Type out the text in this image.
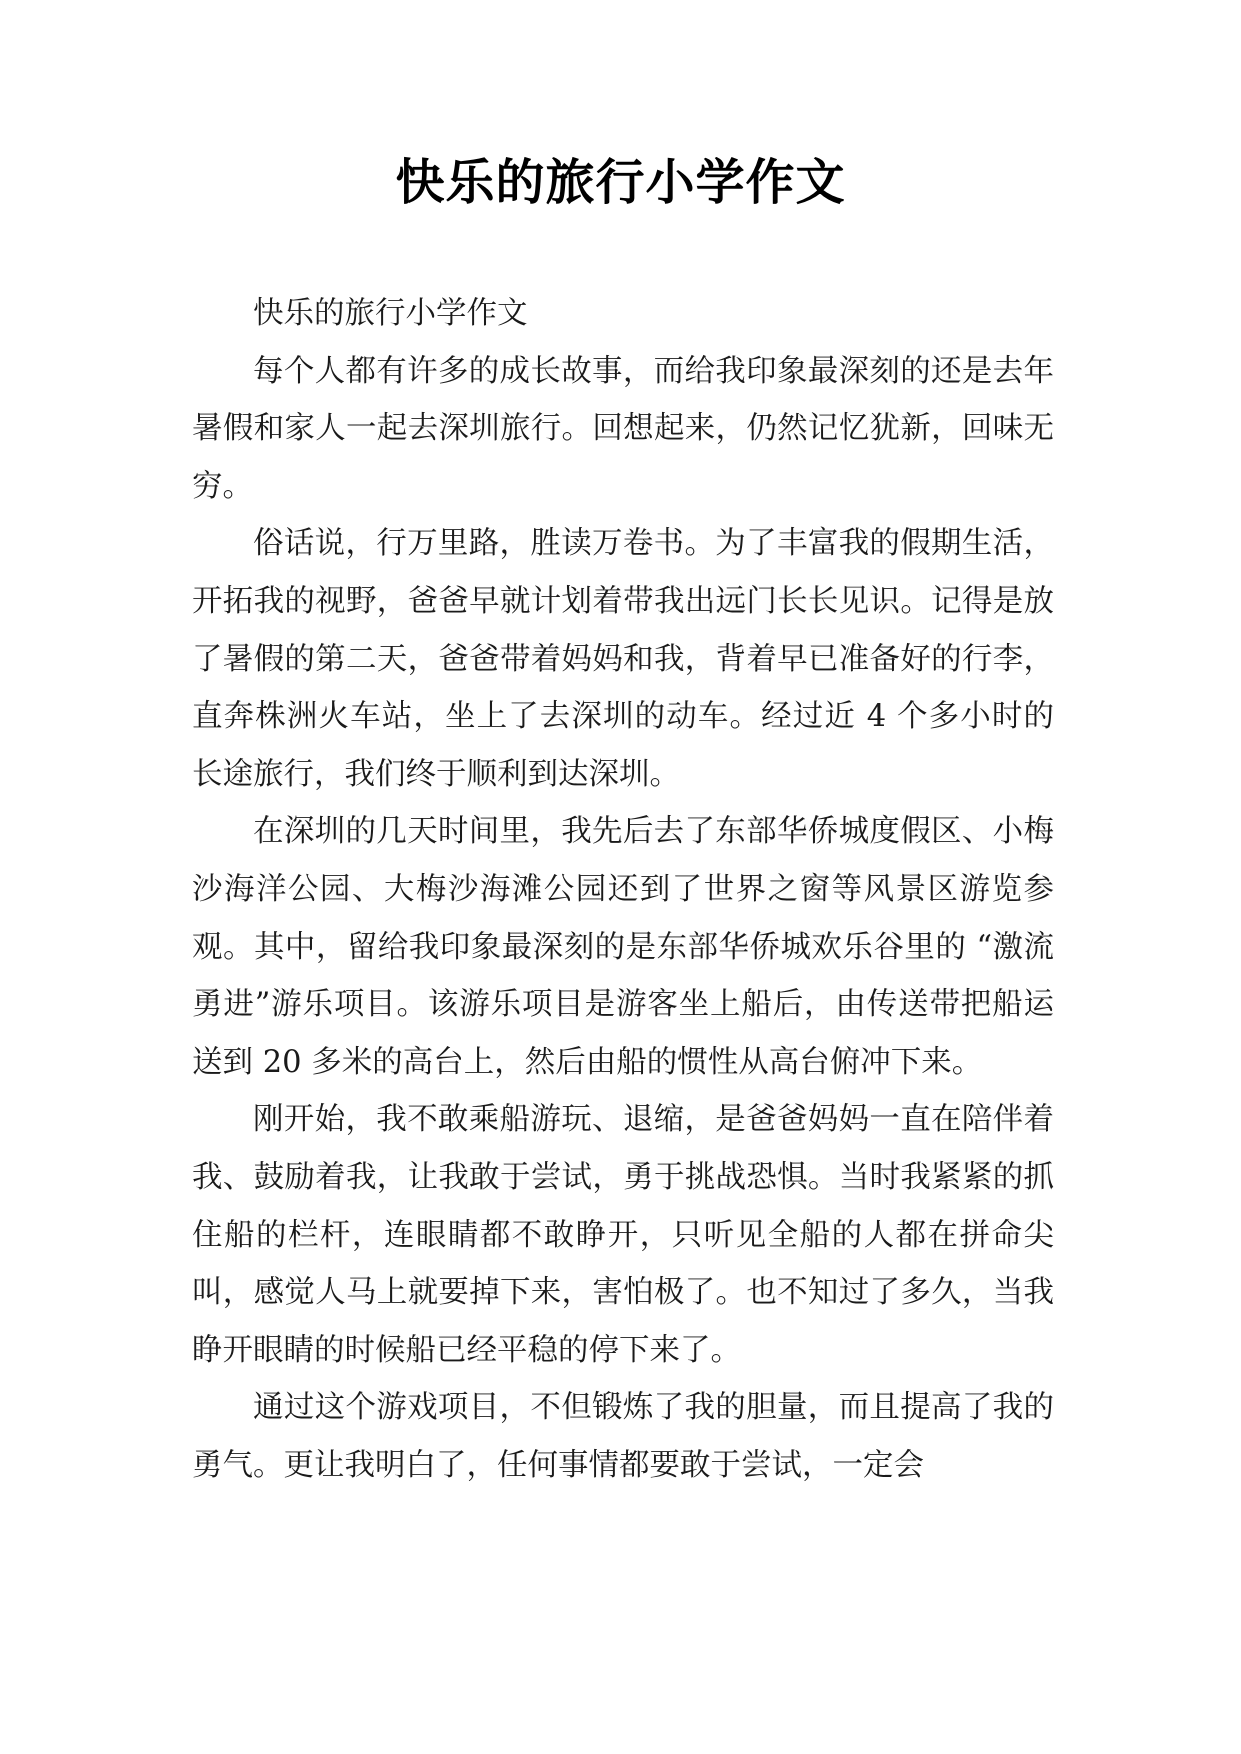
快乐的旅行小学作文

快乐的旅行小学作文

每个人都有许多的成长故事，而给我印象最深刻的还是去年暑假和家人一起去深圳旅行。回想起来，仍然记忆犹新，回味无穷。

俗话说，行万里路，胜读万卷书。为了丰富我的假期生活，开拓我的视野，爸爸早就计划着带我出远门长长见识。记得是放了暑假的第二天，爸爸带着妈妈和我，背着早已准备好的行李，直奔株洲火车站，坐上了去深圳的动车。经过近 4 个多小时的长途旅行，我们终于顺利到达深圳。

在深圳的几天时间里，我先后去了东部华侨城度假区、小梅沙海洋公园、大梅沙海滩公园还到了世界之窗等风景区游览参观。其中，留给我印象最深刻的是东部华侨城欢乐谷里的 “激流勇进”游乐项目。该游乐项目是游客坐上船后，由传送带把船运送到 20 多米的高台上，然后由船的惯性从高台俯冲下来。

刚开始，我不敢乘船游玩、退缩，是爸爸妈妈一直在陪伴着我、鼓励着我，让我敢于尝试，勇于挑战恐惧。当时我紧紧的抓住船的栏杆，连眼睛都不敢睁开，只听见全船的人都在拼命尖叫，感觉人马上就要掉下来，害怕极了。也不知过了多久，当我睁开眼睛的时候船已经平稳的停下来了。

通过这个游戏项目，不但锻炼了我的胆量，而且提高了我的勇气。更让我明白了，任何事情都要敢于尝试，一定会
